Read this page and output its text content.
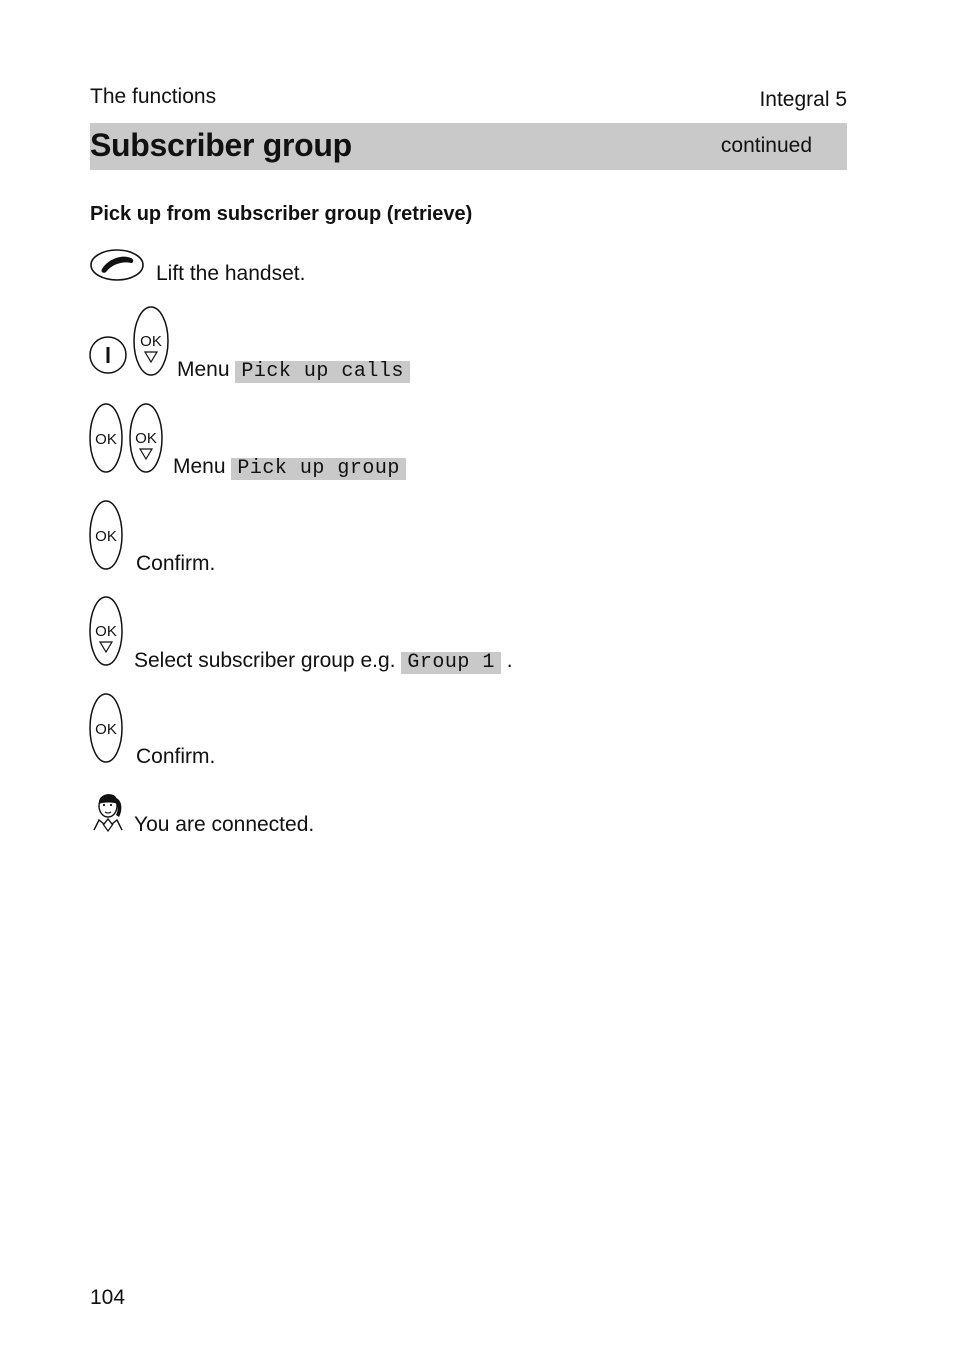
The functions	Integral 5
Subscriber group	continued
Pick up from subscriber group (retrieve)
Lift the handset.
OK
Menu Pick up calls
OK OK
Menu Pick up group
OK
Confirm.
OK
Select subscriber group e.g. Group 1 .
OK
Confirm.
You are connected.
104
